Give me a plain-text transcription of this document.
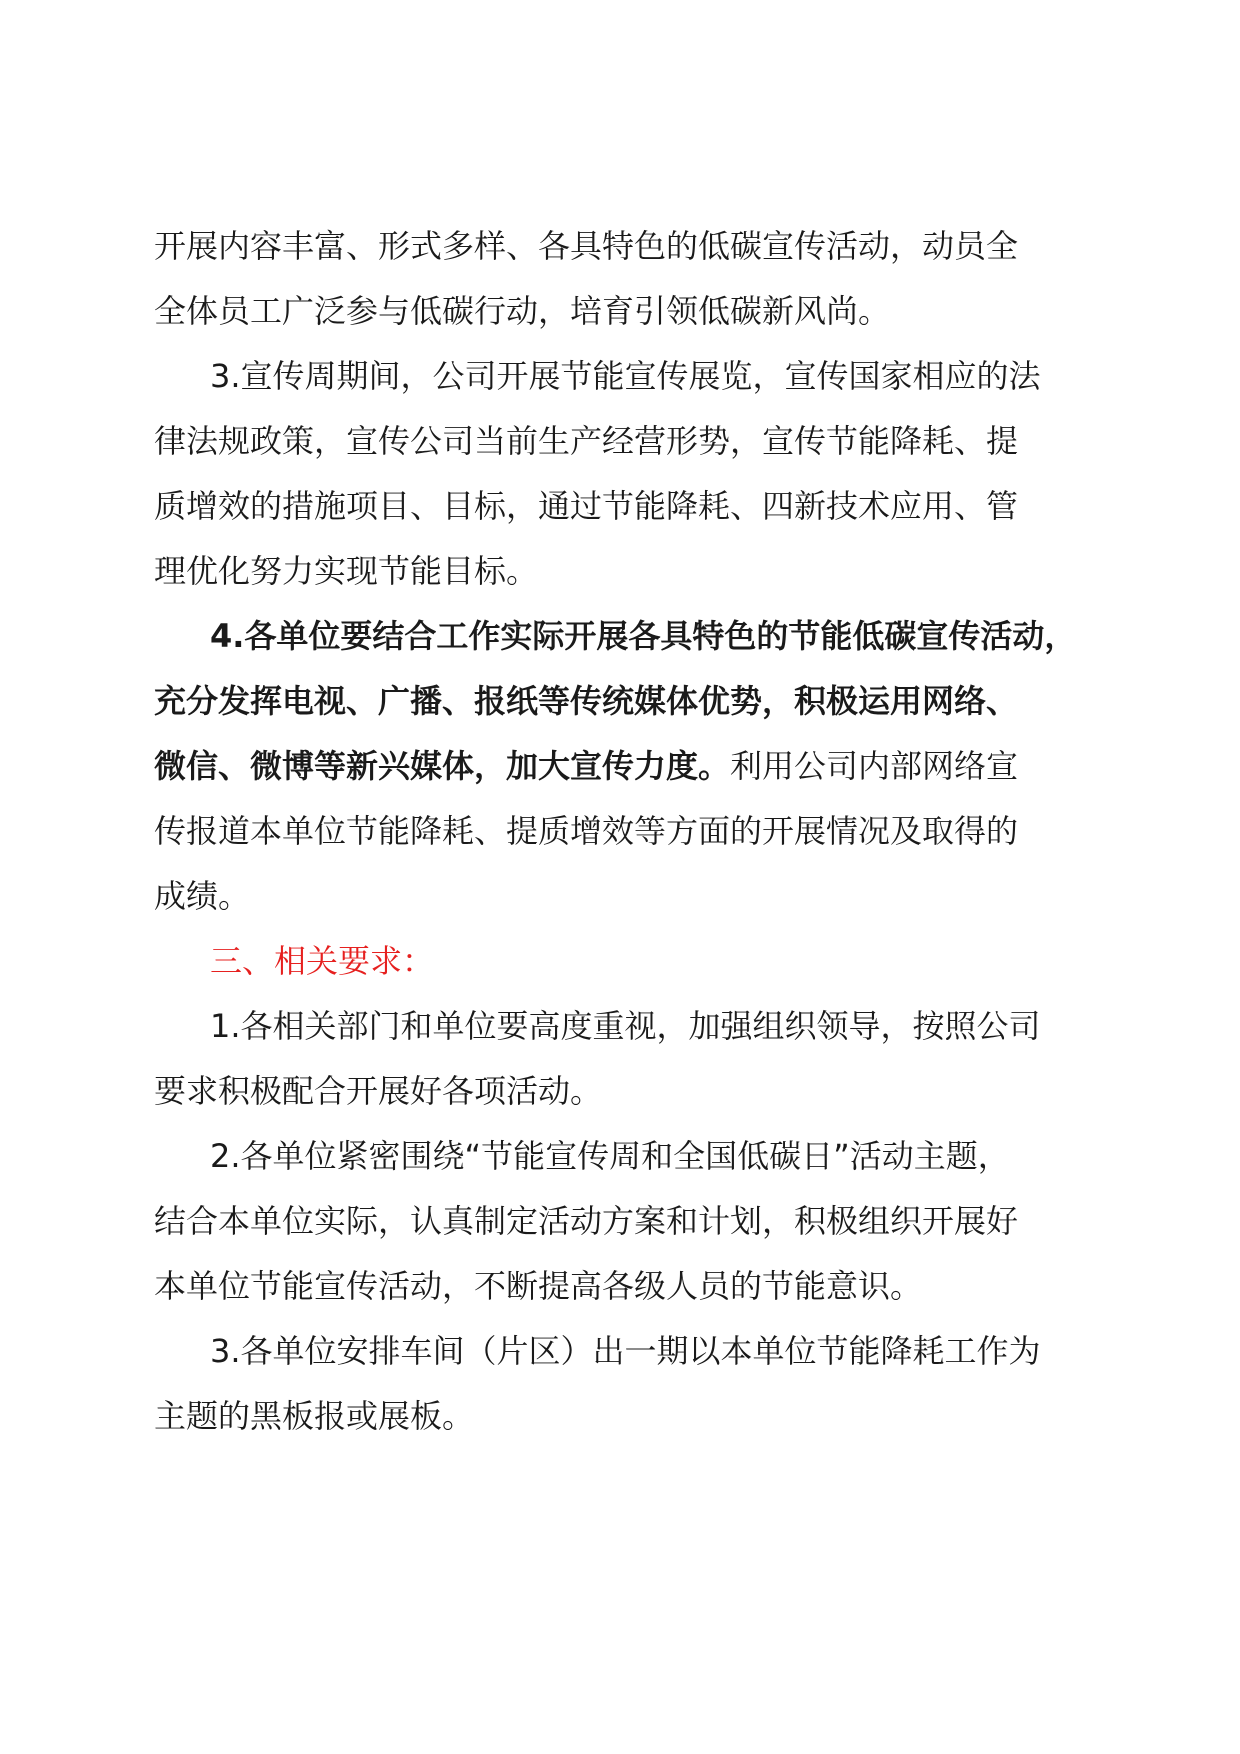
开展内容丰富、形式多样、各具特色的低碳宣传活动，动员全
全体员工广泛参与低碳行动，培育引领低碳新风尚。
3.宣传周期间，公司开展节能宣传展览，宣传国家相应的法
律法规政策，宣传公司当前生产经营形势，宣传节能降耗、提
质增效的措施项目、目标，通过节能降耗、四新技术应用、管
理优化努力实现节能目标。
4.各单位要结合工作实际开展各具特色的节能低碳宣传活动，
充分发挥电视、广播、报纸等传统媒体优势，积极运用网络、
微信、微博等新兴媒体，加大宣传力度。利用公司内部网络宣
传报道本单位节能降耗、提质增效等方面的开展情况及取得的
成绩。
三、相关要求：
1.各相关部门和单位要高度重视，加强组织领导，按照公司
要求积极配合开展好各项活动。
2.各单位紧密围绕“节能宣传周和全国低碳日”活动主题，
结合本单位实际，认真制定活动方案和计划，积极组织开展好
本单位节能宣传活动，不断提高各级人员的节能意识。
3.各单位安排车间（片区）出一期以本单位节能降耗工作为
主题的黑板报或展板。
